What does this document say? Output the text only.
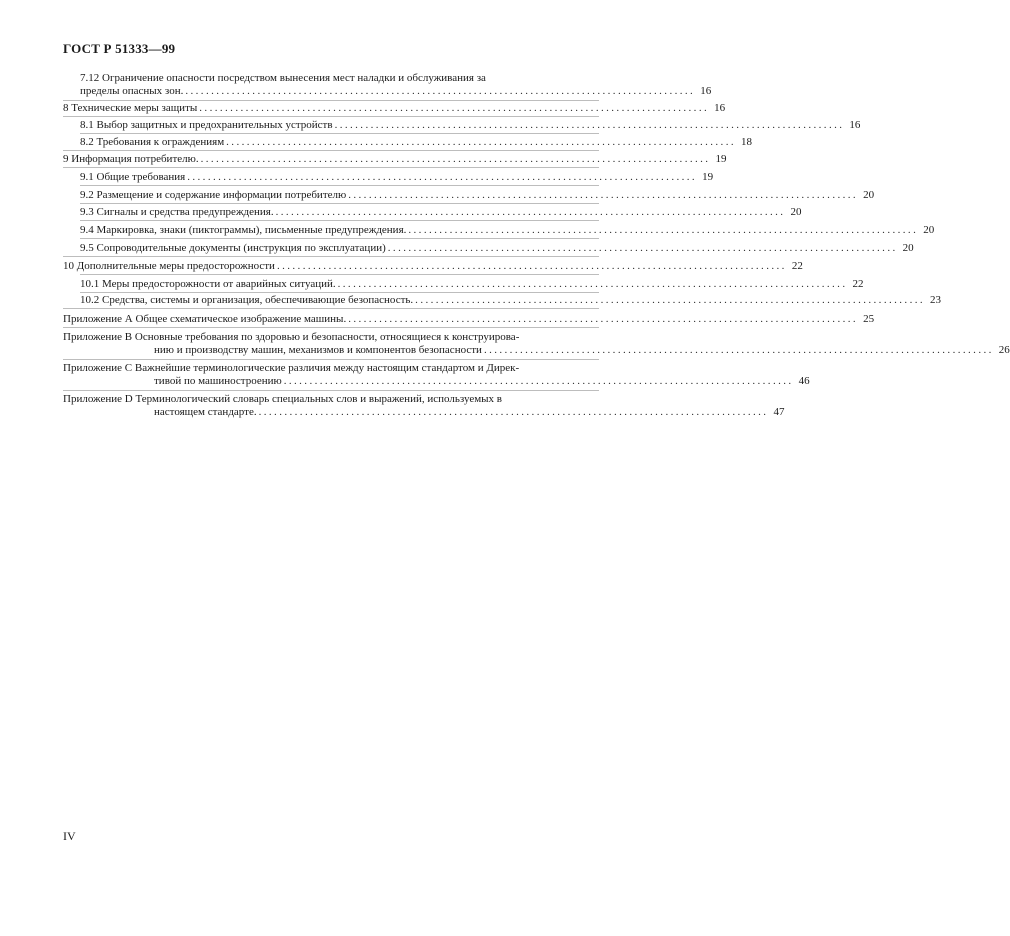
ГОСТ Р 51333—99
7.12 Ограничение опасности посредством вынесения мест наладки и обслуживания за
пределы опасных зон. ................................................................................................... 16
8 Технические меры защиты ................................................................................................... 16
8.1 Выбор защитных и предохранительных устройств ................................................................................................... 16
8.2 Требования к ограждениям ................................................................................................... 18
9 Информация потребителю. ................................................................................................... 19
9.1 Общие требования ................................................................................................... 19
9.2 Размещение и содержание информации потребителю ................................................................................................... 20
9.3 Сигналы и средства предупреждения. ................................................................................................... 20
9.4 Маркировка, знаки (пиктограммы), письменные предупреждения. ................................................................................................... 20
9.5 Сопроводительные документы (инструкция по эксплуатации) ................................................................................................... 20
10 Дополнительные меры предосторожности ................................................................................................... 22
10.1 Меры предосторожности от аварийных ситуаций. ................................................................................................... 22
10.2 Средства, системы и организация, обеспечивающие безопасность. ................................................................................................... 23
Приложение А Общее схематическое изображение машины. ................................................................................................... 25
Приложение В Основные требования по здоровью и безопасности, относящиеся к конструирова-
нию и производству машин, механизмов и компонентов безопасности ................................................................................................... 26
Приложение С Важнейшие терминологические различия между настоящим стандартом и Дирек-
тивой по машиностроению ................................................................................................... 46
Приложение D Терминологический словарь специальных слов и выражений, используемых в
настоящем стандарте. ................................................................................................... 47
IV
